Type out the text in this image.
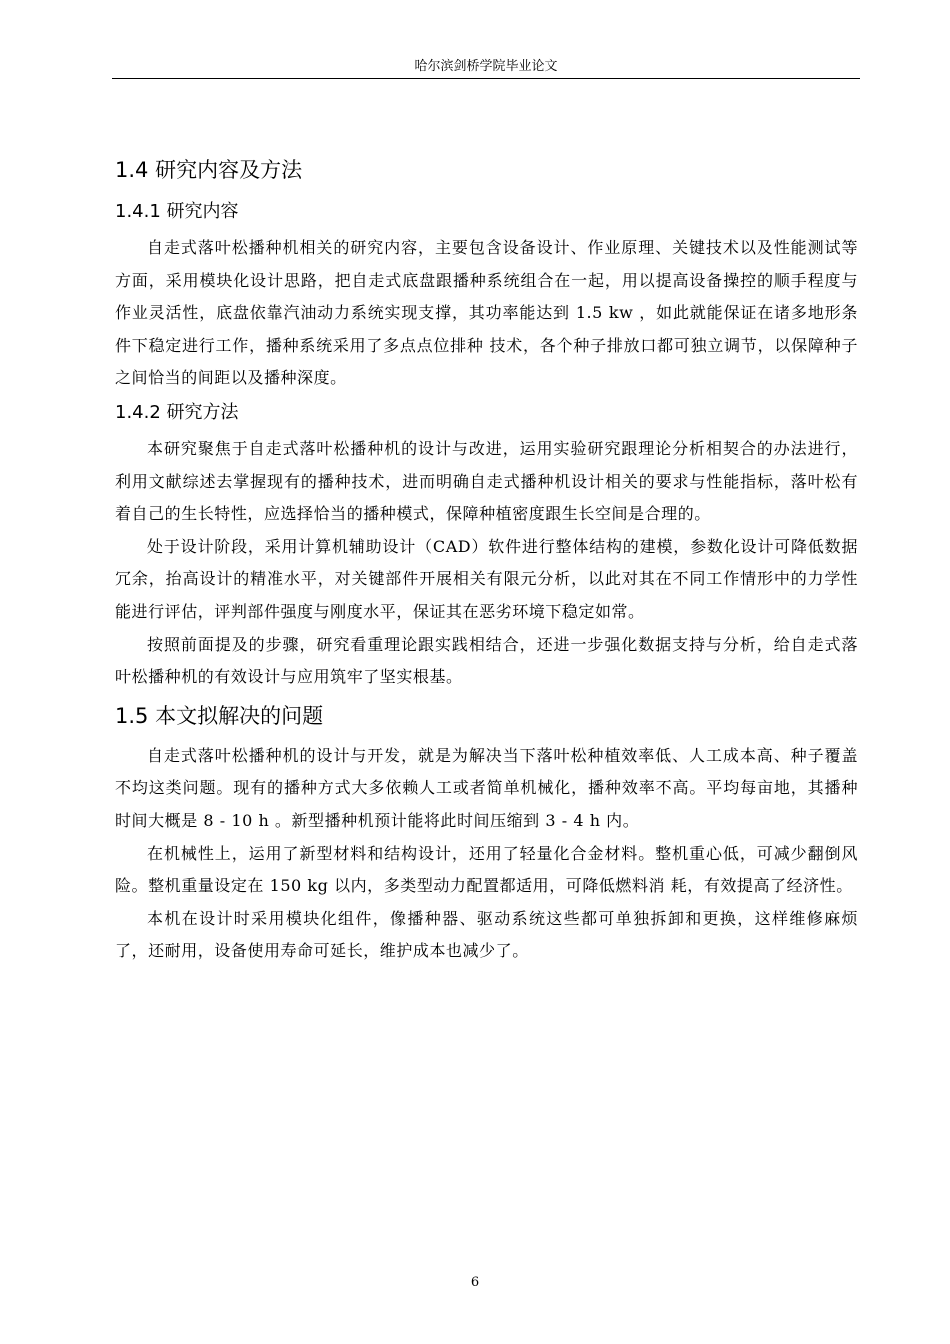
哈尔滨剑桥学院毕业论文
1.4 研究内容及方法
1.4.1 研究内容

自走式落叶松播种机相关的研究内容，主要包含设备设计、作业原理、关键技术以及性能测试等方面，采用模块化设计思路，把自走式底盘跟播种系统组合在一起，用以提高设备操控的顺手程度与作业灵活性，底盘依靠汽油动力系统实现支撑，其功率能达到 1.5 kw ，如此就能保证在诸多地形条件下稳定进行工作，播种系统采用了多点点位排种 技术，各个种子排放口都可独立调节，以保障种子之间恰当的间距以及播种深度。

1.4.2 研究方法

本研究聚焦于自走式落叶松播种机的设计与改进，运用实验研究跟理论分析相契合的办法进行，利用文献综述去掌握现有的播种技术，进而明确自走式播种机设计相关的要求与性能指标，落叶松有着自己的生长特性，应选择恰当的播种模式，保障种植密度跟生长空间是合理的。

处于设计阶段，采用计算机辅助设计（CAD）软件进行整体结构的建模，参数化设计可降低数据冗余，抬高设计的精准水平，对关键部件开展相关有限元分析，以此对其在不同工作情形中的力学性能进行评估，评判部件强度与刚度水平，保证其在恶劣环境下稳定如常。

按照前面提及的步骤，研究看重理论跟实践相结合，还进一步强化数据支持与分析，给自走式落叶松播种机的有效设计与应用筑牢了坚实根基。

1.5 本文拟解决的问题

自走式落叶松播种机的设计与开发，就是为解决当下落叶松种植效率低、人工成本高、种子覆盖不均这类问题。现有的播种方式大多依赖人工或者简单机械化，播种效率不高。平均每亩地，其播种时间大概是 8 - 10 h 。新型播种机预计能将此时间压缩到 3 - 4 h 内。

在机械性上，运用了新型材料和结构设计，还用了轻量化合金材料。整机重心低，可减少翻倒风险。整机重量设定在 150 kg 以内，多类型动力配置都适用，可降低燃料消 耗，有效提高了经济性。

本机在设计时采用模块化组件，像播种器、驱动系统这些都可单独拆卸和更换，这样维修麻烦了，还耐用，设备使用寿命可延长，维护成本也减少了。

6
